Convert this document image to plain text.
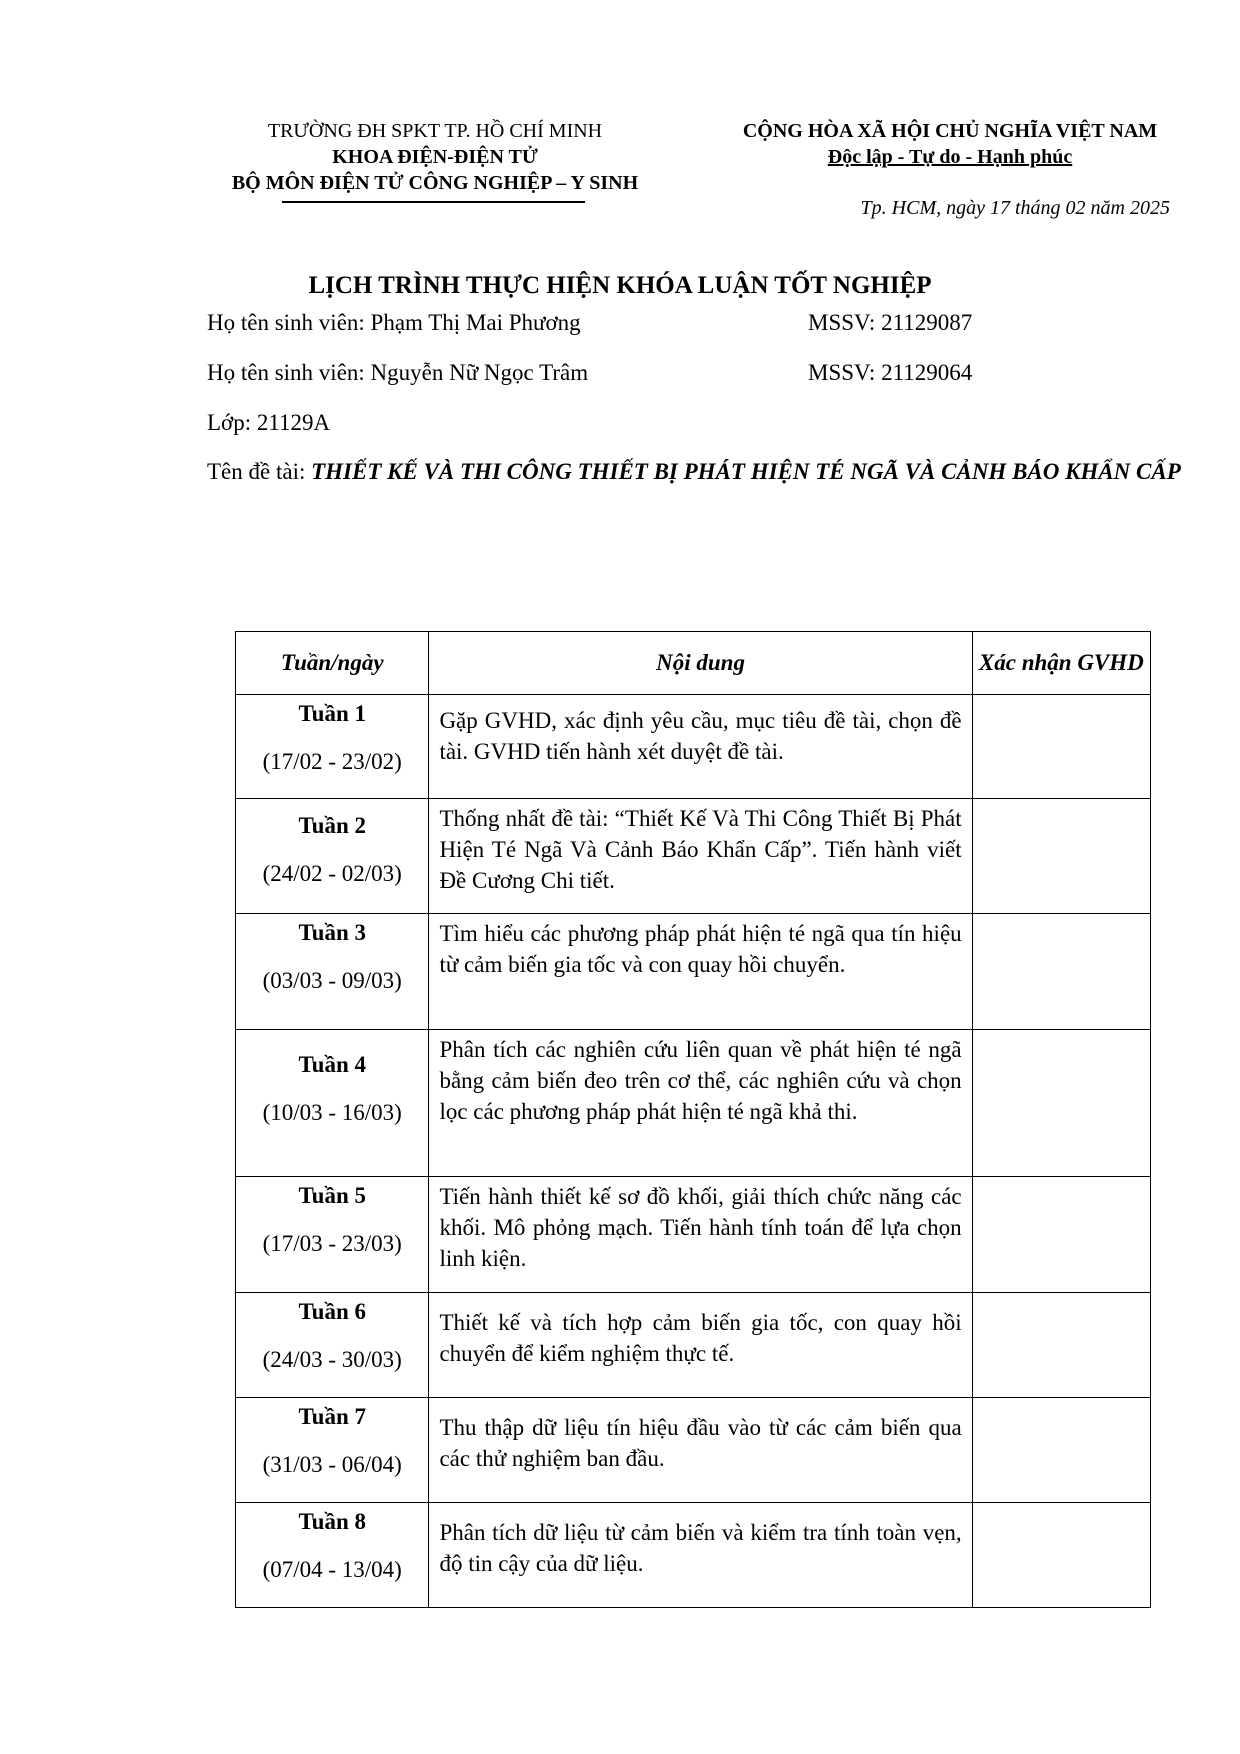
TRƯỜNG ĐH SPKT TP. HỒ CHÍ MINH
KHOA ĐIỆN-ĐIỆN TỬ
BỘ MÔN ĐIỆN TỬ CÔNG NGHIỆP – Y SINH
CỘNG HÒA XÃ HỘI CHỦ NGHĨA VIỆT NAM
Độc lập - Tự do - Hạnh phúc
Tp. HCM, ngày 17 tháng 02 năm 2025
LỊCH TRÌNH THỰC HIỆN KHÓA LUẬN TỐT NGHIỆP
Họ tên sinh viên: Phạm Thị Mai Phương	MSSV: 21129087
Họ tên sinh viên: Nguyễn Nữ Ngọc Trâm	MSSV: 21129064
Lớp: 21129A
Tên đề tài: THIẾT KẾ VÀ THI CÔNG THIẾT BỊ PHÁT HIỆN TÉ NGÃ VÀ CẢNH BÁO KHẨN CẤP
Tuần/ngày	Nội dung	Xác nhận GVHD

Tuần 1
(17/02 - 23/02)	Gặp GVHD, xác định yêu cầu, mục tiêu đề tài, chọn đề tài. GVHD tiến hành xét duyệt đề tài.	

Tuần 2
(24/02 - 02/03)	Thống nhất đề tài: “Thiết Kế Và Thi Công Thiết Bị Phát Hiện Té Ngã Và Cảnh Báo Khẩn Cấp”. Tiến hành viết Đề Cương Chi tiết.	

Tuần 3
(03/03 - 09/03)	Tìm hiểu các phương pháp phát hiện té ngã qua tín hiệu từ cảm biến gia tốc và con quay hồi chuyển.	

Tuần 4
(10/03 - 16/03)	Phân tích các nghiên cứu liên quan về phát hiện té ngã bằng cảm biến đeo trên cơ thể, các nghiên cứu và chọn lọc các phương pháp phát hiện té ngã khả thi.	

Tuần 5
(17/03 - 23/03)	Tiến hành thiết kế sơ đồ khối, giải thích chức năng các khối. Mô phỏng mạch. Tiến hành tính toán để lựa chọn linh kiện.	

Tuần 6
(24/03 - 30/03)	Thiết kế và tích hợp cảm biến gia tốc, con quay hồi chuyển để kiểm nghiệm thực tế.	

Tuần 7
(31/03 - 06/04)	Thu thập dữ liệu tín hiệu đầu vào từ các cảm biến qua các thử nghiệm ban đầu.	

Tuần 8
(07/04 - 13/04)	Phân tích dữ liệu từ cảm biến và kiểm tra tính toàn vẹn, độ tin cậy của dữ liệu.	
